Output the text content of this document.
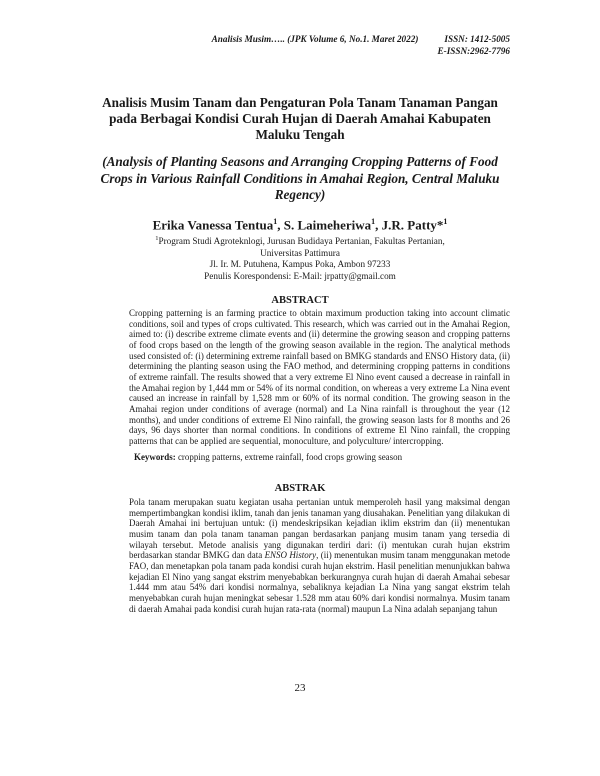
Analisis Musim….. (JPK Volume 6, No.1. Maret 2022)	ISSN: 1412-5005
E-ISSN:2962-7796
Analisis Musim Tanam dan Pengaturan Pola Tanam Tanaman Pangan pada Berbagai Kondisi Curah Hujan di Daerah Amahai Kabupaten Maluku Tengah
(Analysis of Planting Seasons and Arranging Cropping Patterns of Food Crops in Various Rainfall Conditions in Amahai Region, Central Maluku Regency)
Erika Vanessa Tentua$^1$, S. Laimeheriwa$^1$, J.R. Patty*$^1$
$^1$Program Studi Agroteknlogi, Jurusan Budidaya Pertanian, Fakultas Pertanian,
Universitas Pattimura
Jl. Ir. M. Putuhena, Kampus Poka, Ambon 97233
Penulis Korespondensi: E-Mail: jrpatty@gmail.com
ABSTRACT
Cropping patterning is an farming practice to obtain maximum production taking into account climatic conditions, soil and types of crops cultivated. This research, which was carried out in the Amahai Region, aimed to: (i) describe extreme climate events and (ii) determine the growing season and cropping patterns of food crops based on the length of the growing season available in the region. The analytical methods used consisted of: (i) determining extreme rainfall based on BMKG standards and ENSO History data, (ii) determining the planting season using the FAO method, and determining cropping patterns in conditions of extreme rainfall. The results showed that a very extreme El Nino event caused a decrease in rainfall in the Amahai region by 1,444 mm or 54% of its normal condition, on whereas a very extreme La Nina event caused an increase in rainfall by 1,528 mm or 60% of its normal condition. The growing season in the Amahai region under conditions of average (normal) and La Nina rainfall is throughout the year (12 months), and under conditions of extreme El Nino rainfall, the growing season lasts for 8 months and 26 days, 96 days shorter than normal conditions. In conditions of extreme El Nino rainfall, the cropping patterns that can be applied are sequential, monoculture, and polyculture/ intercropping.
Keywords: cropping patterns, extreme rainfall, food crops growing season
ABSTRAK
Pola tanam merupakan suatu kegiatan usaha pertanian untuk memperoleh hasil yang maksimal dengan mempertimbangkan kondisi iklim, tanah dan jenis tanaman yang diusahakan. Penelitian yang dilakukan di Daerah Amahai ini bertujuan untuk: (i) mendeskripsikan kejadian iklim ekstrim dan (ii) menentukan musim tanam dan pola tanam tanaman pangan berdasarkan panjang musim tanam yang tersedia di wilayah tersebut. Metode analisis yang digunakan terdiri dari: (i) mentukan curah hujan ekstrim berdasarkan standar BMKG dan data ENSO History, (ii) menentukan musim tanam menggunakan metode FAO, dan menetapkan pola tanam pada kondisi curah hujan ekstrim. Hasil penelitian menunjukkan bahwa kejadian El Nino yang sangat ekstrim menyebabkan berkurangnya curah hujan di daerah Amahai sebesar 1.444 mm atau 54% dari kondisi normalnya, sebaliknya kejadian La Nina yang sangat ekstrim telah menyebabkan curah hujan meningkat sebesar 1.528 mm atau 60% dari kondisi normalnya. Musim tanam di daerah Amahai pada kondisi curah hujan rata-rata (normal) maupun La Nina adalah sepanjang tahun
23
